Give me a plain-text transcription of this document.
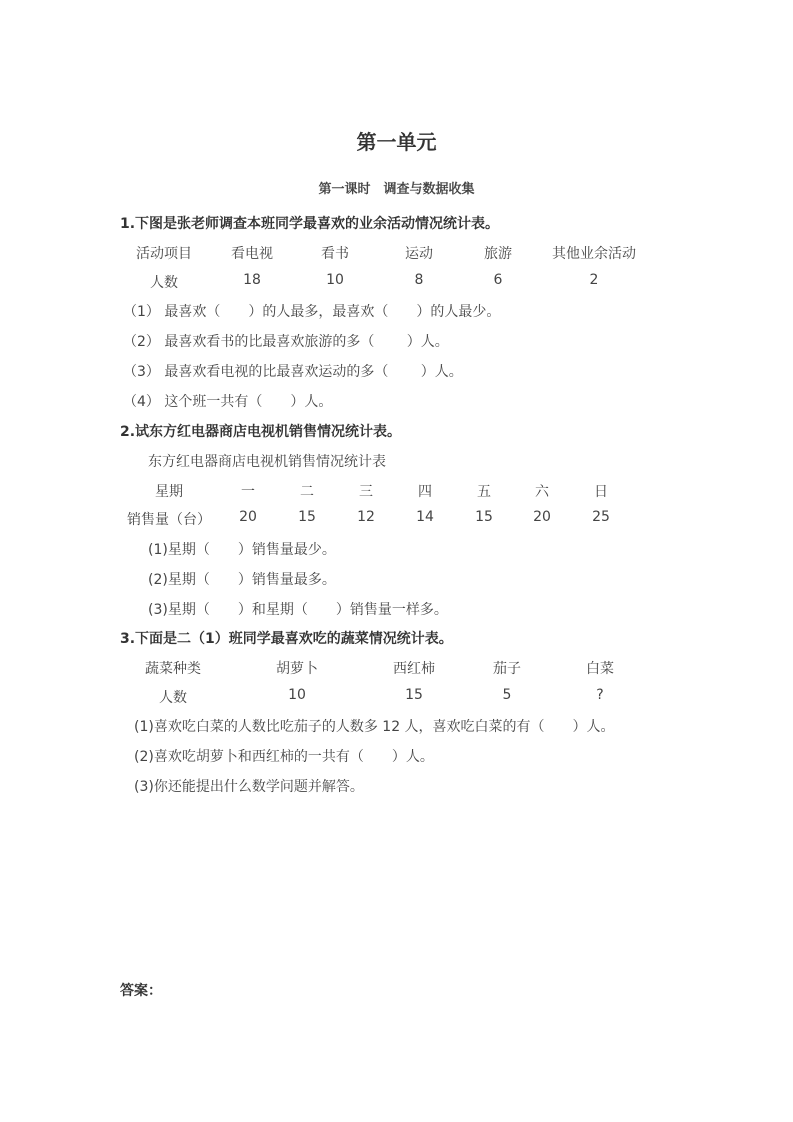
第一单元
第一课时　调查与数据收集
1.下图是张老师调查本班同学最喜欢的业余活动情况统计表。
活动项目	看电视	看书	运动	旅游	其他业余活动
人数	18	10	8	6	2
（1） 最喜欢（　　）的人最多，最喜欢（　　）的人最少。
（2） 最喜欢看书的比最喜欢旅游的多（　　 ）人。
（3） 最喜欢看电视的比最喜欢运动的多（　　 ）人。
（4） 这个班一共有（　　）人。
2.试东方红电器商店电视机销售情况统计表。
东方红电器商店电视机销售情况统计表
星期	一	二	三	四	五	六	日
销售量（台） 20	15	12	14	15	20	25
(1)星期（　　）销售量最少。
(2)星期（　　）销售量最多。
(3)星期（　　）和星期（　　）销售量一样多。
3.下面是二（1）班同学最喜欢吃的蔬菜情况统计表。
蔬菜种类	胡萝卜	西红柿	茄子	白菜
人数	10	15	5	?
(1)喜欢吃白菜的人数比吃茄子的人数多 12 人，喜欢吃白菜的有（　　）人。
(2)喜欢吃胡萝卜和西红柿的一共有（　　）人。
(3)你还能提出什么数学问题并解答。
答案：
